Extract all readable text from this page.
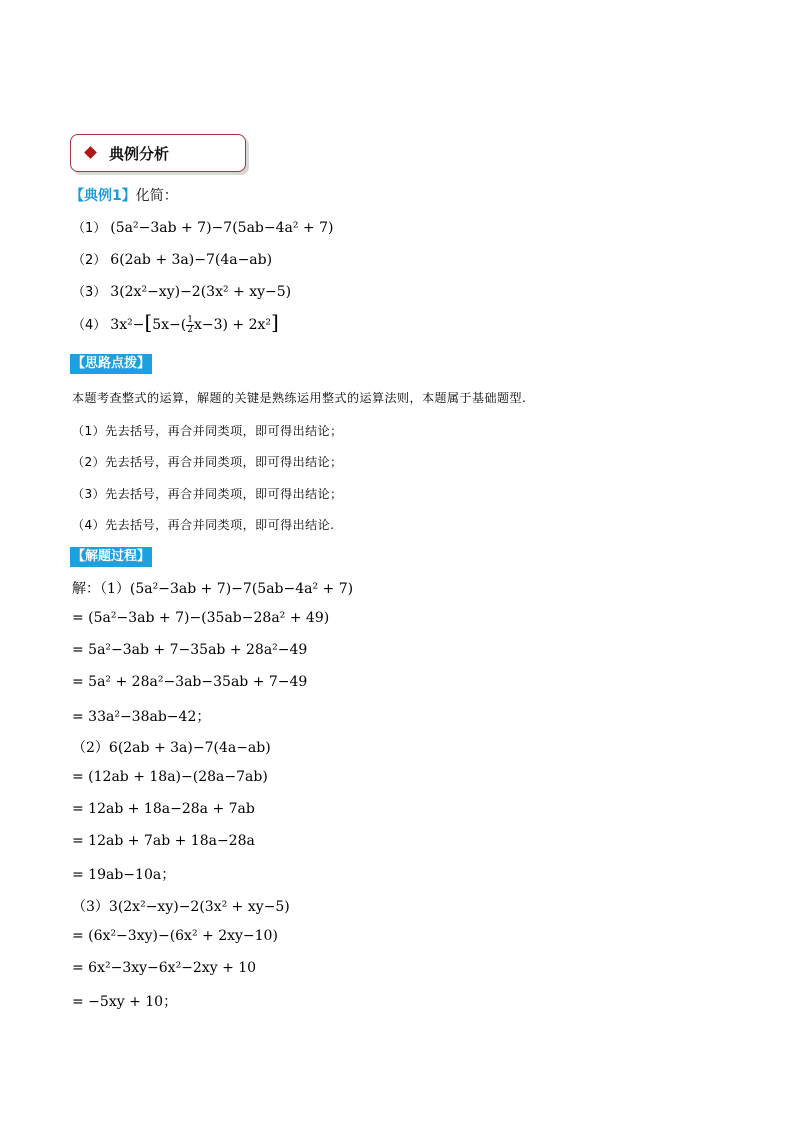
典例分析
【典例1】化简：
（1） (5a²−3ab + 7)−7(5ab−4a² + 7)
（2） 6(2ab + 3a)−7(4a−ab)
（3） 3(2x²−xy)−2(3x² + xy−5)
（4） $3x^2-[5x-( \frac{1}{2} x-3) + 2x^2]$
【思路点拨】
本题考查整式的运算，解题的关键是熟练运用整式的运算法则，本题属于基础题型.
（1）先去括号，再合并同类项，即可得出结论；
（2）先去括号，再合并同类项，即可得出结论；
（3）先去括号，再合并同类项，即可得出结论；
（4）先去括号，再合并同类项，即可得出结论.
【解题过程】
解：（1）(5a²−3ab + 7)−7(5ab−4a² + 7)
= (5a²−3ab + 7)−(35ab−28a² + 49)
= 5a²−3ab + 7−35ab + 28a²−49
= 5a² + 28a²−3ab−35ab + 7−49
= 33a²−38ab−42；
（2）6(2ab + 3a)−7(4a−ab)
= (12ab + 18a)−(28a−7ab)
= 12ab + 18a−28a + 7ab
= 12ab + 7ab + 18a−28a
= 19ab−10a；
（3）3(2x²−xy)−2(3x² + xy−5)
= (6x²−3xy)−(6x² + 2xy−10)
= 6x²−3xy−6x²−2xy + 10
= −5xy + 10；
